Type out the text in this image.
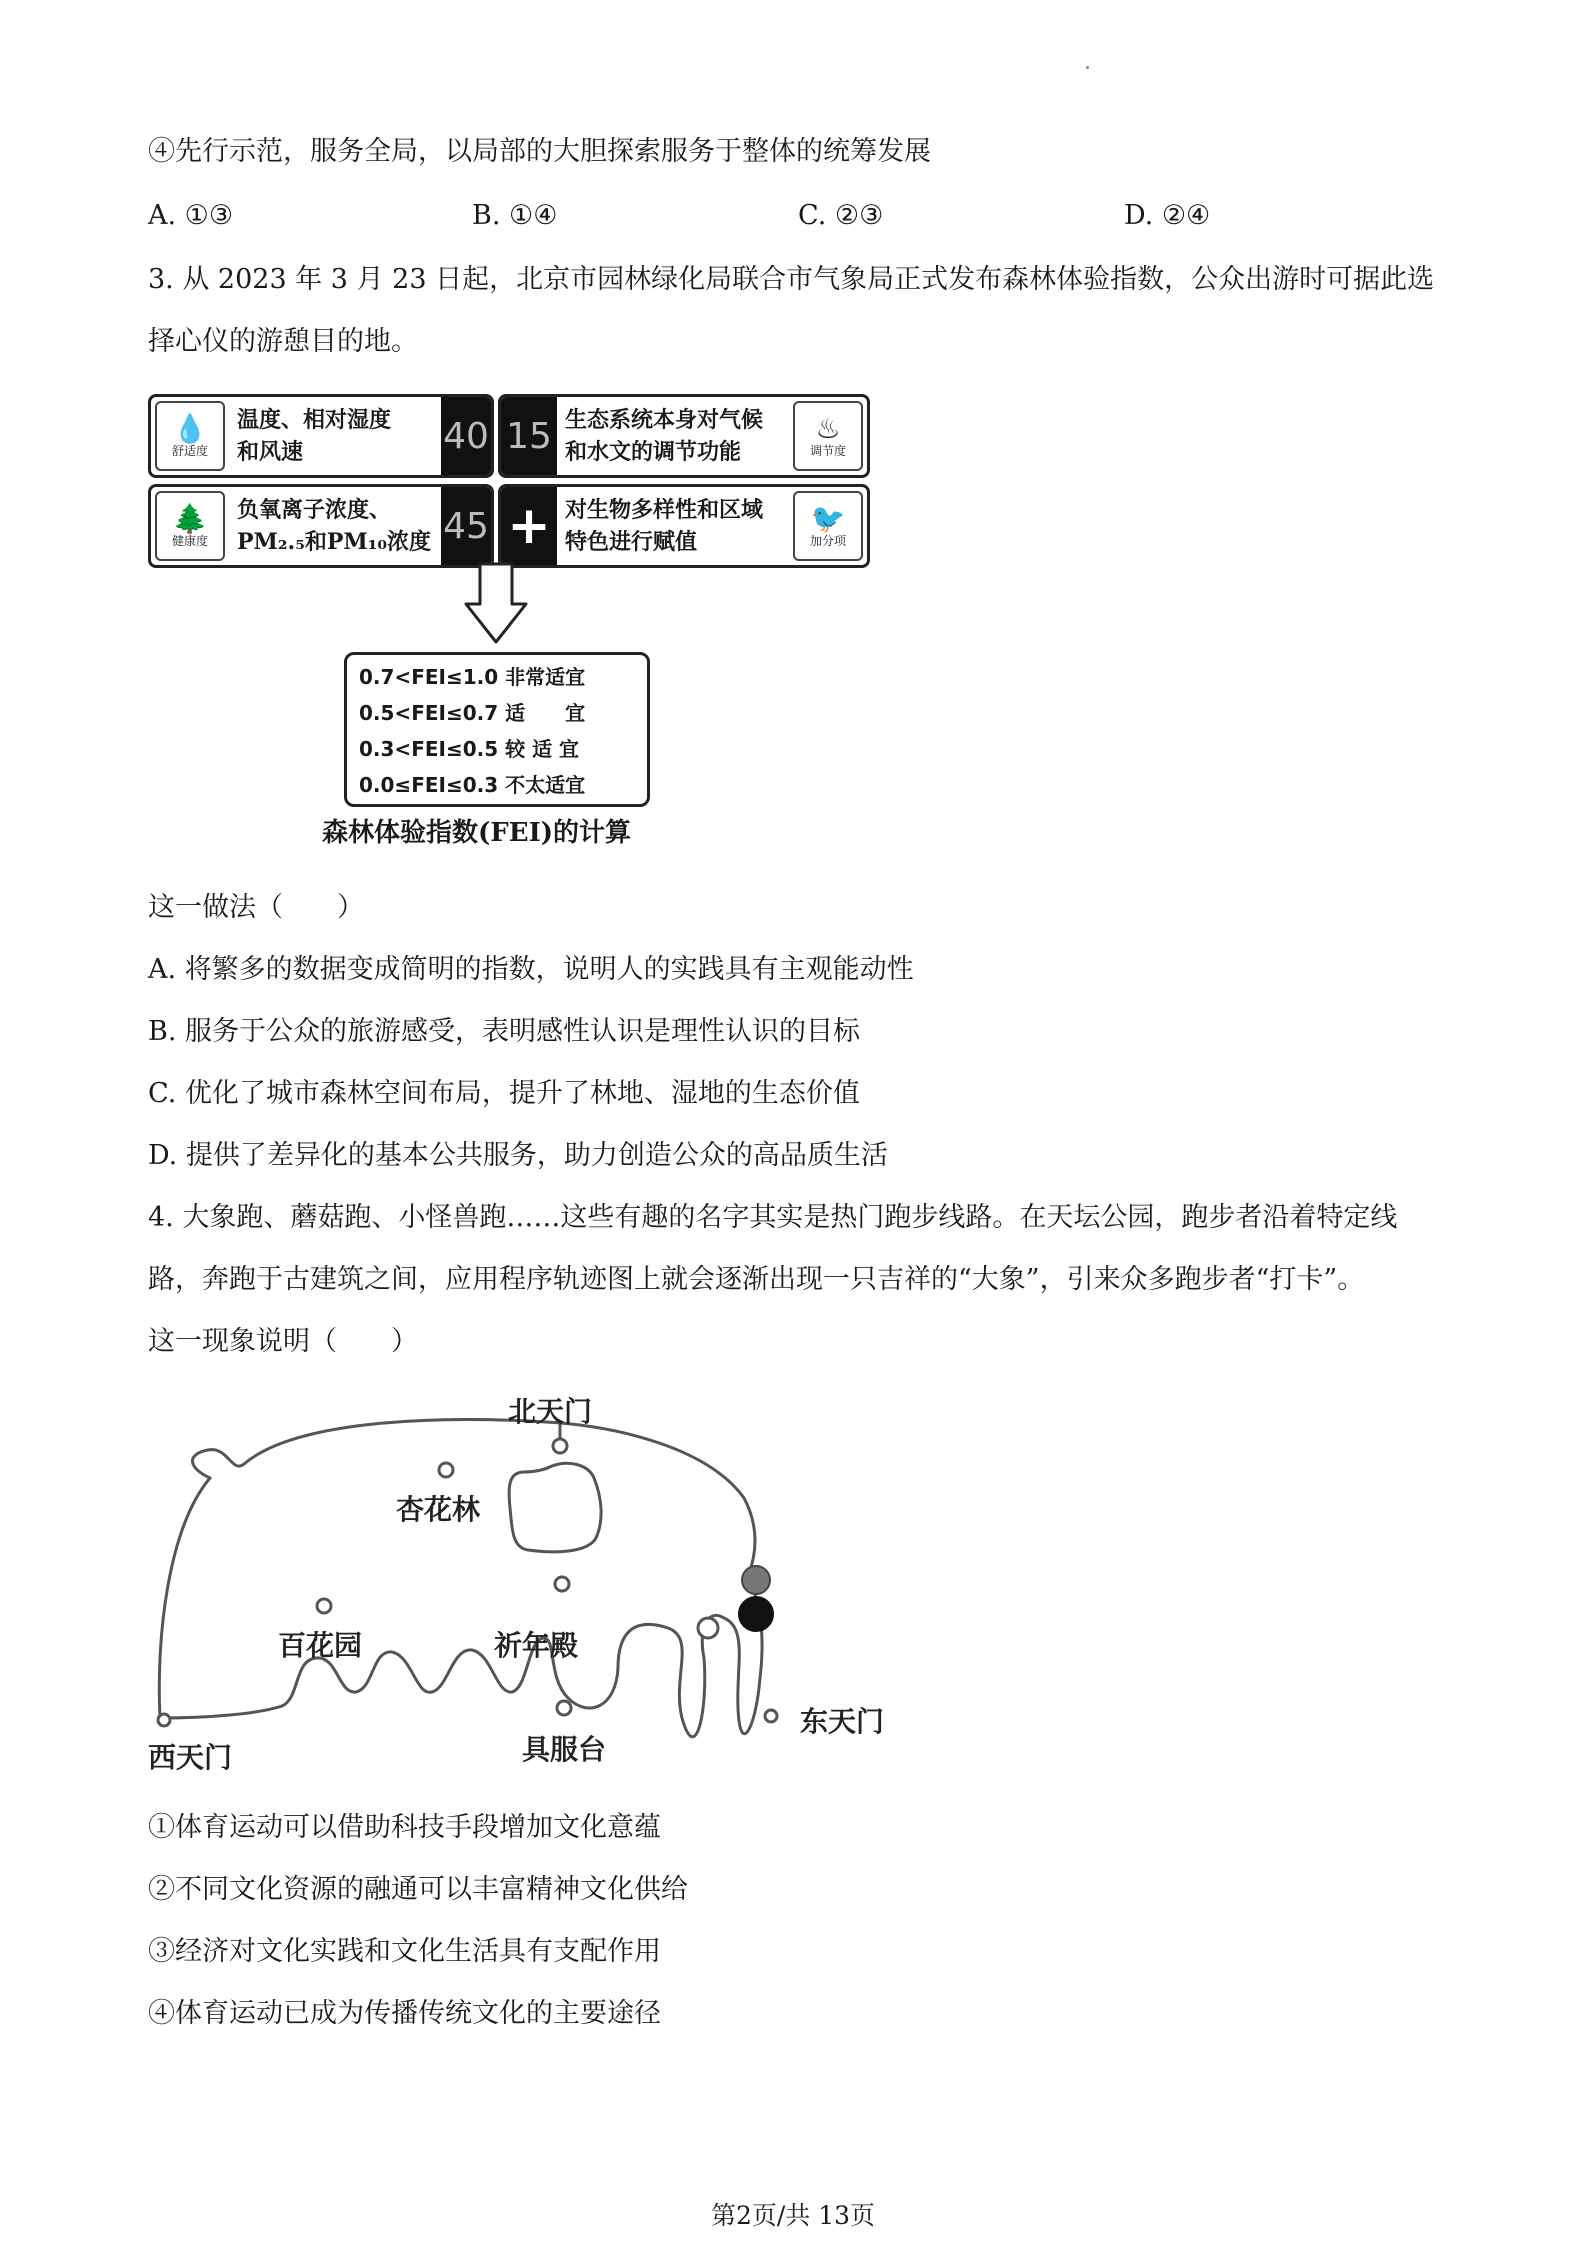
④先行示范，服务全局，以局部的大胆探索服务于整体的统筹发展
A. ①③	B. ①④	C. ②③	D. ②④
3. 从 2023 年 3 月 23 日起，北京市园林绿化局联合市气象局正式发布森林体验指数，公众出游时可据此选
择心仪的游憩目的地。
💧
舒适度
温度、相对湿度
和风速	40 15 生态系统本身对气候
和水文的调节功能
♨
调节度
🌲
健康度
负氧离子浓度、
PM₂.₅和PM₁₀浓度 45 + 对生物多样性和区域
特色进行赋值
🐦
加分项
0.7<FEI≤1.0 非常适宜
0.5<FEI≤0.7 适　　宜
0.3<FEI≤0.5 较 适 宜
0.0≤FEI≤0.3 不太适宜
森林体验指数(FEI)的计算
这一做法（　　）
A. 将繁多的数据变成简明的指数，说明人的实践具有主观能动性
B. 服务于公众的旅游感受，表明感性认识是理性认识的目标
C. 优化了城市森林空间布局，提升了林地、湿地的生态价值
D. 提供了差异化的基本公共服务，助力创造公众的高品质生活
4. 大象跑、蘑菇跑、小怪兽跑……这些有趣的名字其实是热门跑步线路。在天坛公园，跑步者沿着特定线
路，奔跑于古建筑之间，应用程序轨迹图上就会逐渐出现一只吉祥的“大象”，引来众多跑步者“打卡”。
这一现象说明（　　）
北天门
杏花林
百花园	祈年殿
东天门
西天门	具服台
①体育运动可以借助科技手段增加文化意蕴
②不同文化资源的融通可以丰富精神文化供给
③经济对文化实践和文化生活具有支配作用
④体育运动已成为传播传统文化的主要途径
第2页/共 13页
